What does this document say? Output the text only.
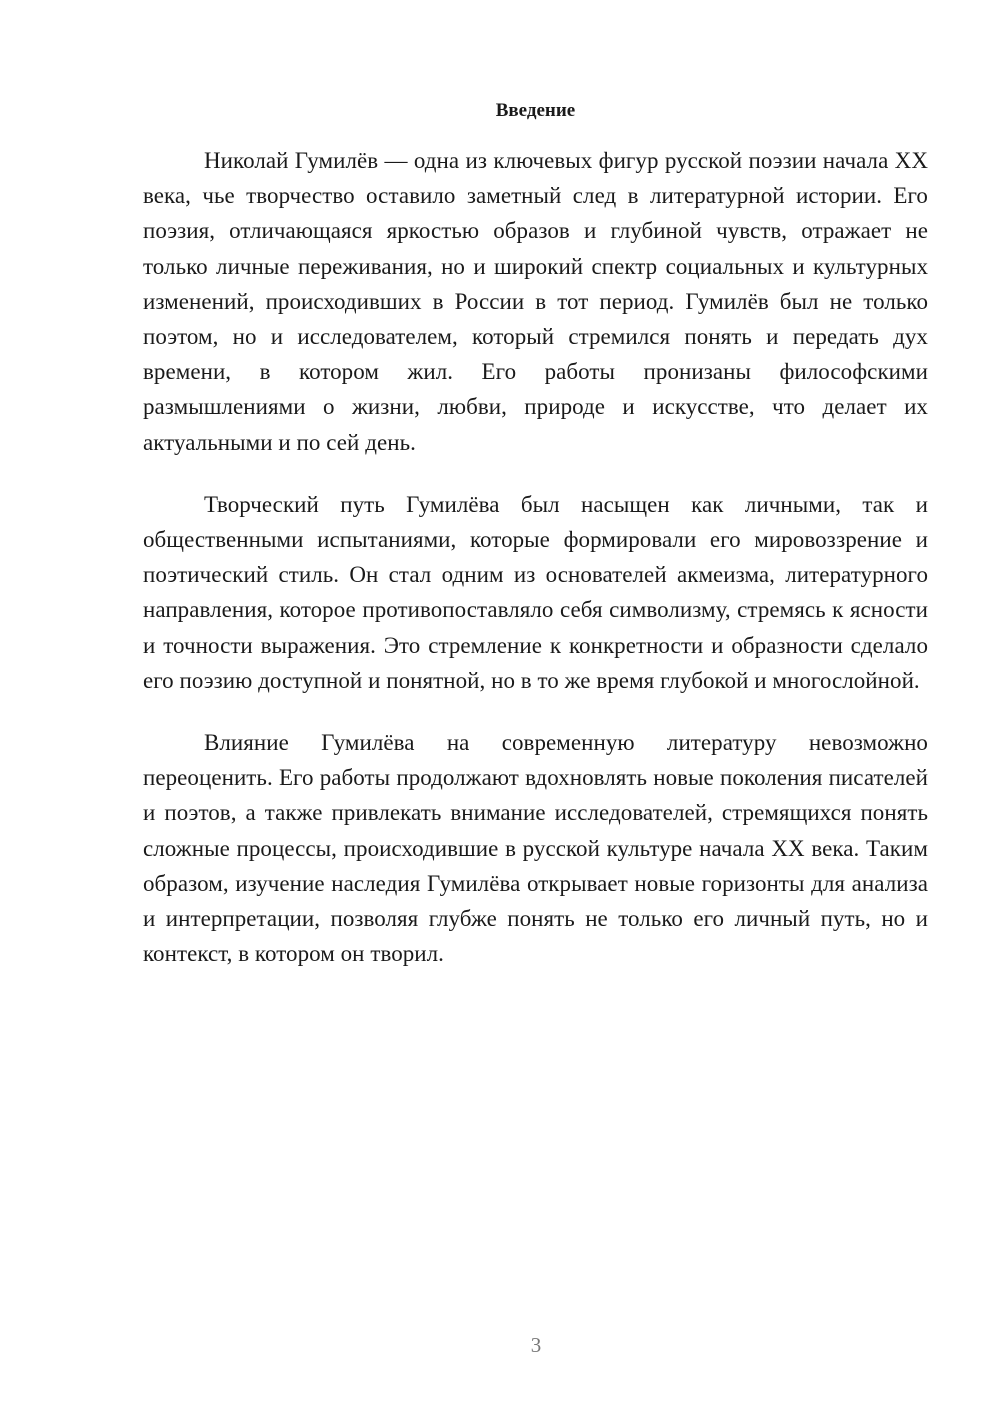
Введение

Николай Гумилёв — одна из ключевых фигур русской поэзии начала XX века, чье творчество оставило заметный след в литературной истории. Его поэзия, отличающаяся яркостью образов и глубиной чувств, отражает не только личные переживания, но и широкий спектр социальных и культурных изменений, происходивших в России в тот период. Гумилёв был не только поэтом, но и исследователем, который стремился понять и передать дух времени, в котором жил. Его работы пронизаны философскими размышлениями о жизни, любви, природе и искусстве, что делает их актуальными и по сей день.

Творческий путь Гумилёва был насыщен как личными, так и общественными испытаниями, которые формировали его мировоззрение и поэтический стиль. Он стал одним из основателей акмеизма, литературного направления, которое противопоставляло себя символизму, стремясь к ясности и точности выражения. Это стремление к конкретности и образности сделало его поэзию доступной и понятной, но в то же время глубокой и многослойной.

Влияние Гумилёва на современную литературу невозможно переоценить. Его работы продолжают вдохновлять новые поколения писателей и поэтов, а также привлекать внимание исследователей, стремящихся понять сложные процессы, происходившие в русской культуре начала XX века. Таким образом, изучение наследия Гумилёва открывает новые горизонты для анализа и интерпретации, позволяя глубже понять не только его личный путь, но и контекст, в котором он творил.

3
